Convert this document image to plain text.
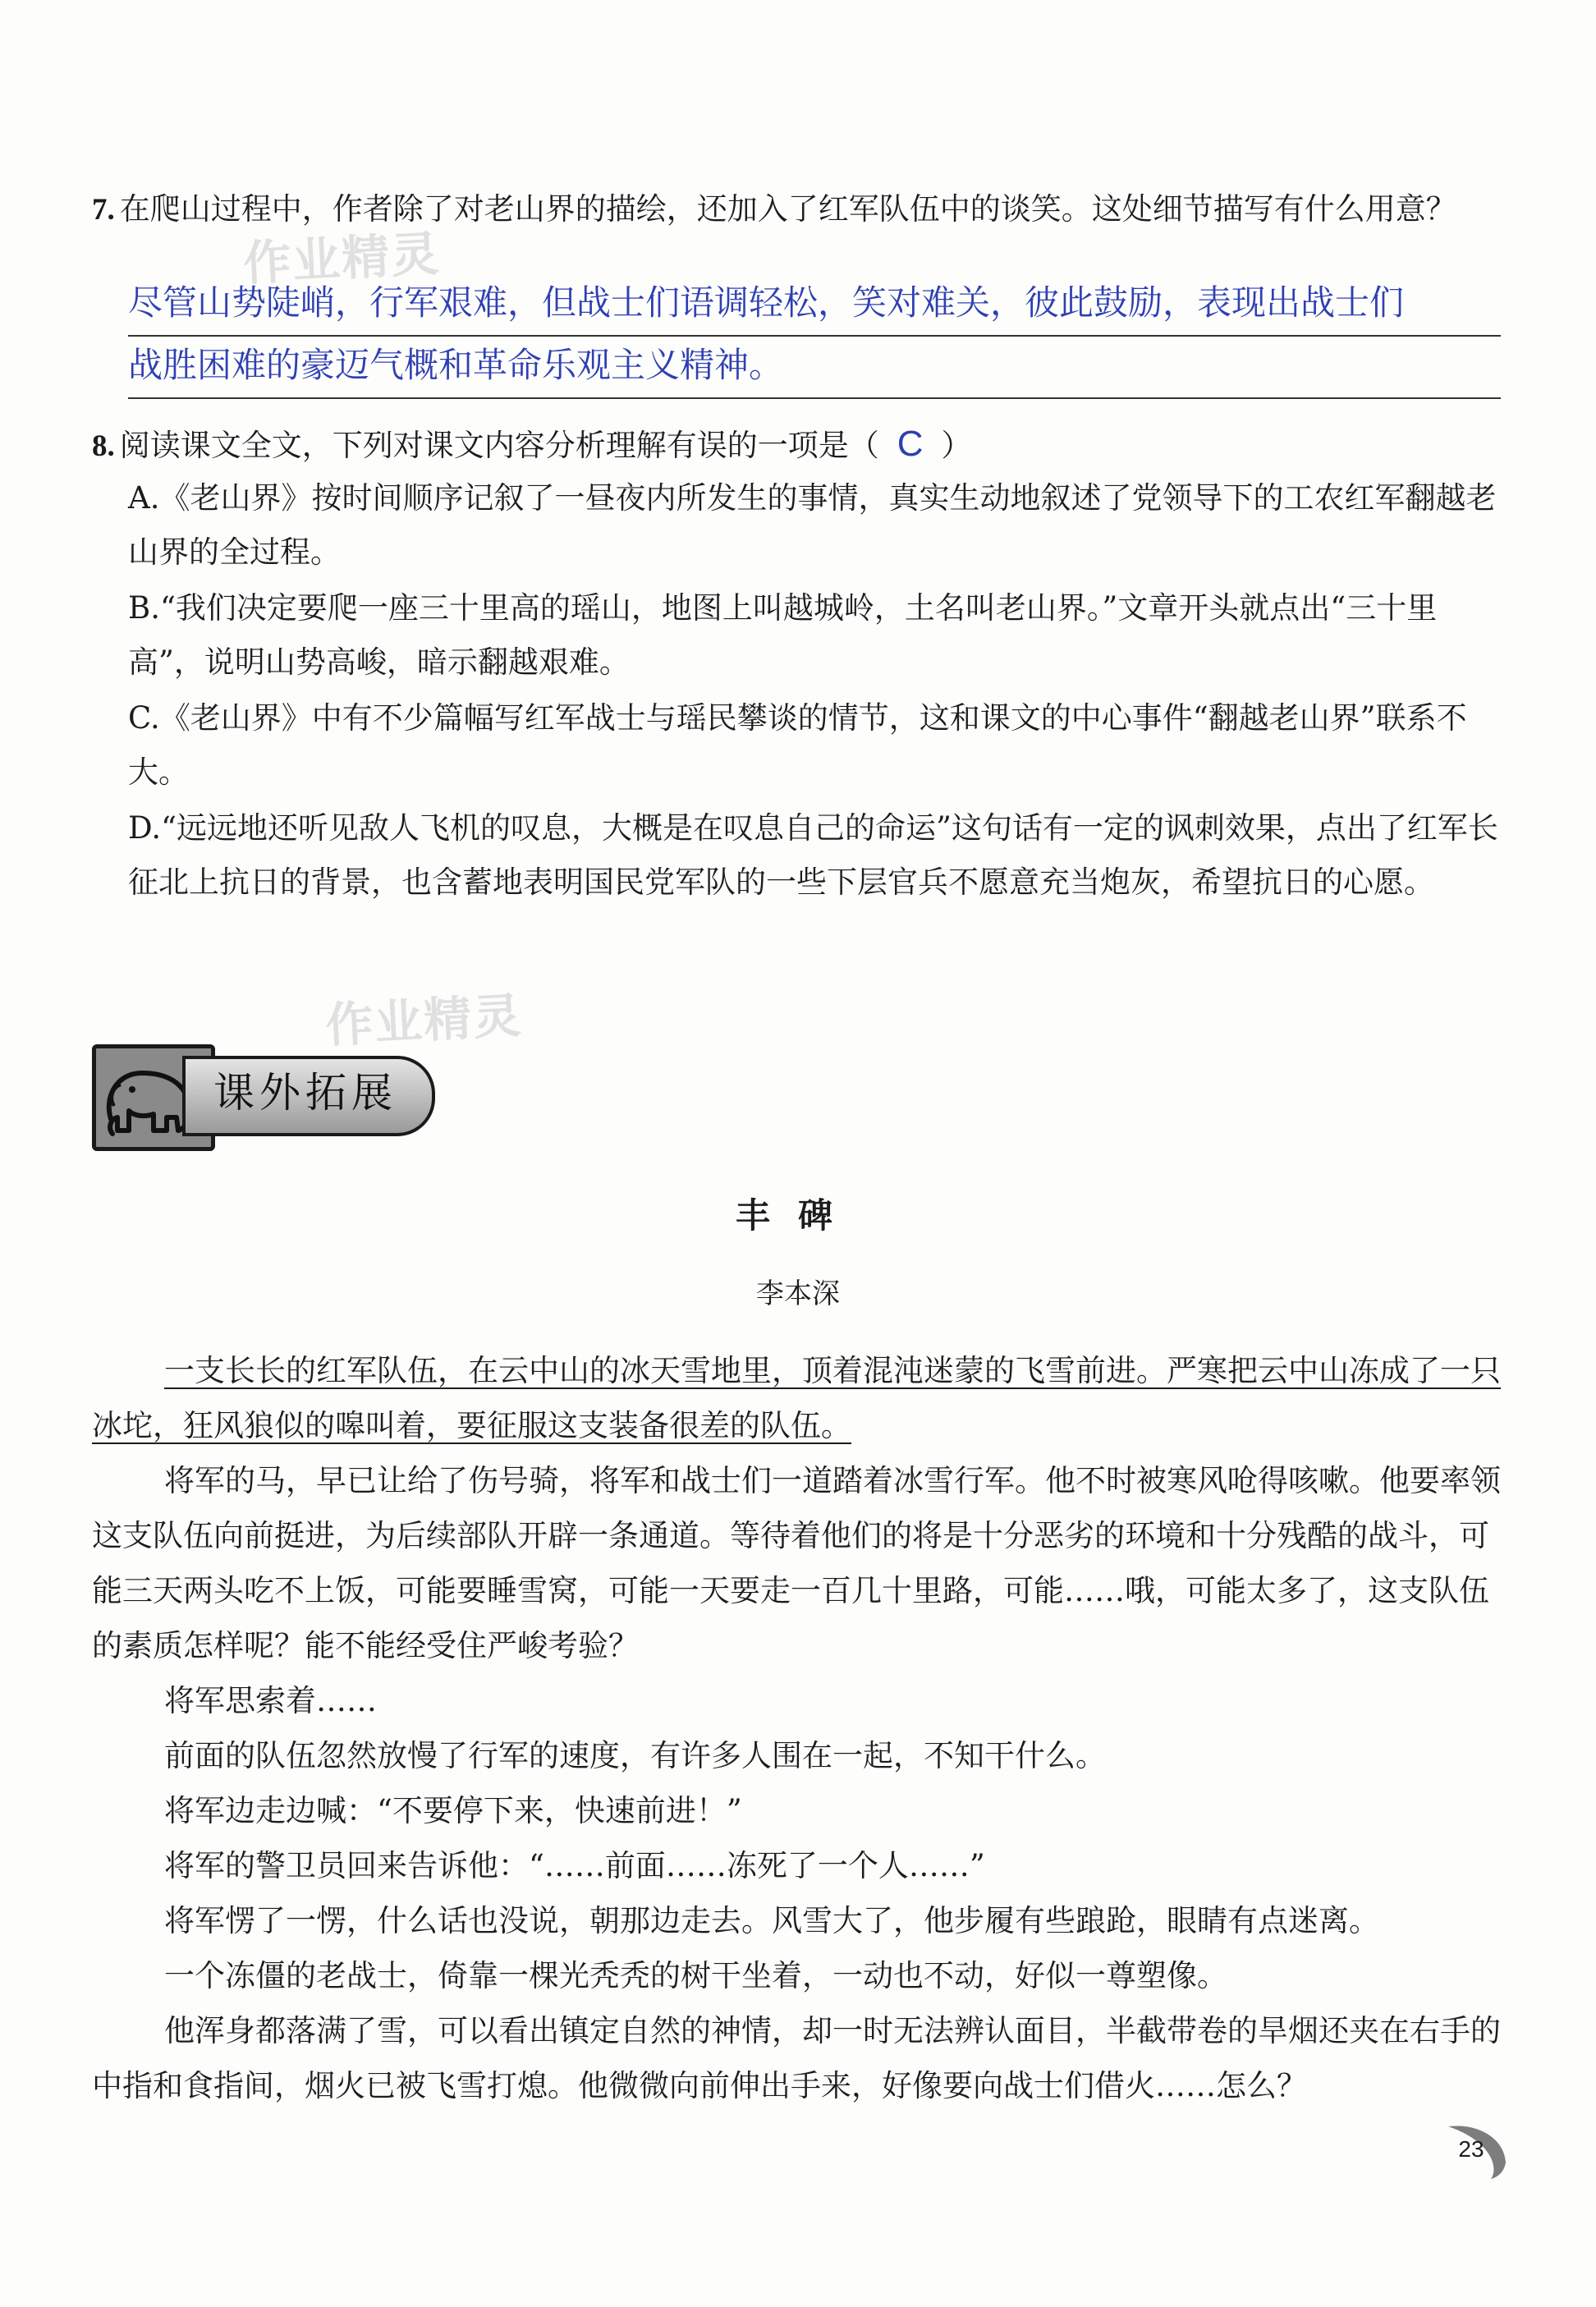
7. 在爬山过程中，作者除了对老山界的描绘，还加入了红军队伍中的谈笑。这处细节描写有什么用意？
作业精灵
尽管山势陡峭，行军艰难，但战士们语调轻松，笑对难关，彼此鼓励，表现出战士们
战胜困难的豪迈气概和革命乐观主义精神。
8. 阅读课文全文，下列对课文内容分析理解有误的一项是（ C ）
A.《老山界》按时间顺序记叙了一昼夜内所发生的事情，真实生动地叙述了党领导下的工农红军翻越老山界的全过程。
B.“我们决定要爬一座三十里高的瑶山，地图上叫越城岭，土名叫老山界。”文章开头就点出“三十里高”，说明山势高峻，暗示翻越艰难。
C.《老山界》中有不少篇幅写红军战士与瑶民攀谈的情节，这和课文的中心事件“翻越老山界”联系不大。
D.“远远地还听见敌人飞机的叹息，大概是在叹息自己的命运”这句话有一定的讽刺效果，点出了红军长征北上抗日的背景，也含蓄地表明国民党军队的一些下层官兵不愿意充当炮灰，希望抗日的心愿。
作业精灵
课外拓展
丰碑
李本深
一支长长的红军队伍，在云中山的冰天雪地里，顶着混沌迷蒙的飞雪前进。严寒把云中山冻成了一只冰坨，狂风狼似的嗥叫着，要征服这支装备很差的队伍。
将军的马，早已让给了伤号骑，将军和战士们一道踏着冰雪行军。他不时被寒风呛得咳嗽。他要率领这支队伍向前挺进，为后续部队开辟一条通道。等待着他们的将是十分恶劣的环境和十分残酷的战斗，可能三天两头吃不上饭，可能要睡雪窝，可能一天要走一百几十里路，可能……哦，可能太多了，这支队伍的素质怎样呢？能不能经受住严峻考验？
将军思索着……
前面的队伍忽然放慢了行军的速度，有许多人围在一起，不知干什么。
将军边走边喊：“不要停下来，快速前进！”
将军的警卫员回来告诉他：“……前面……冻死了一个人……”
将军愣了一愣，什么话也没说，朝那边走去。风雪大了，他步履有些踉跄，眼睛有点迷离。
一个冻僵的老战士，倚靠一棵光秃秃的树干坐着，一动也不动，好似一尊塑像。
他浑身都落满了雪，可以看出镇定自然的神情，却一时无法辨认面目，半截带卷的旱烟还夹在右手的中指和食指间，烟火已被飞雪打熄。他微微向前伸出手来，好像要向战士们借火……怎么？
23
